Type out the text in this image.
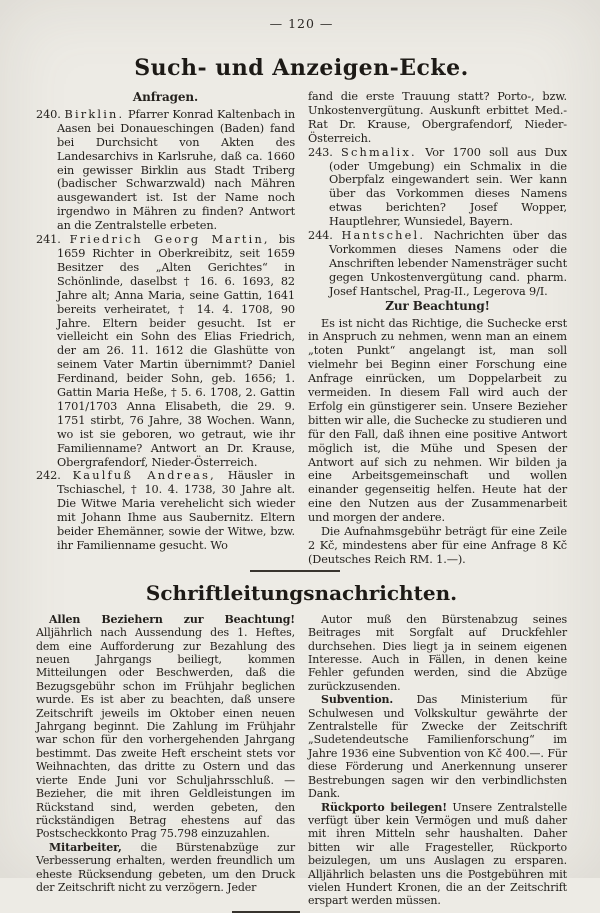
— 120 —
Such- und Anzeigen-Ecke.

Anfragen.

240. Birklin. Pfarrer Konrad Kaltenbach in Aasen bei Donaueschingen (Baden) fand bei Durchsicht von Akten des Landesarchivs in Karlsruhe, daß ca. 1660 ein gewisser Birklin aus Stadt Triberg (badischer Schwarzwald) nach Mähren ausgewandert ist. Ist der Name noch irgendwo in Mähren zu finden? Antwort an die Zentralstelle erbeten.

241. Friedrich Georg Martin, bis 1659 Richter in Oberkreibitz, seit 1659 Besitzer des „Alten Gerichtes“ in Schönlinde, daselbst † 16. 6. 1693, 82 Jahre alt; Anna Maria, seine Gattin, 1641 bereits verheiratet, † 14. 4. 1708, 90 Jahre. Eltern beider gesucht. Ist er vielleicht ein Sohn des Elias Friedrich, der am 26. 11. 1612 die Glashütte von seinem Vater Martin übernimmt? Daniel Ferdinand, beider Sohn, geb. 1656; 1. Gattin Maria Heße, † 5. 6. 1708, 2. Gattin 1701/1703 Anna Elisabeth, die 29. 9. 1751 stirbt, 76 Jahre, 38 Wochen. Wann, wo ist sie geboren, wo getraut, wie ihr Familienname? Antwort an Dr. Krause, Obergrafendorf, Nieder-Österreich.

242. Kaulfuß Andreas, Häusler in Tschiaschel, † 10. 4. 1738, 30 Jahre alt. Die Witwe Maria verehelicht sich wieder mit Johann Ihme aus Saubernitz. Eltern beider Ehemänner, sowie der Witwe, bzw. ihr Familienname gesucht. Wo

fand die erste Trauung statt? Porto-, bzw. Unkostenvergütung. Auskunft erbittet Med.-Rat Dr. Krause, Obergrafendorf, Nieder-Österreich.

243. Schmalix. Vor 1700 soll aus Dux (oder Umgebung) ein Schmalix in die Oberpfalz eingewandert sein. Wer kann über das Vorkommen dieses Namens etwas berichten? Josef Wopper, Hauptlehrer, Wunsiedel, Bayern.

244. Hantschel. Nachrichten über das Vorkommen dieses Namens oder die Anschriften lebender Namensträger sucht gegen Unkostenvergütung cand. pharm. Josef Hantschel, Prag-II., Legerova 9/I.

Zur Beachtung!

Es ist nicht das Richtige, die Suchecke erst in Anspruch zu nehmen, wenn man an einem „toten Punkt“ angelangt ist, man soll vielmehr bei Beginn einer Forschung eine Anfrage einrücken, um Doppelarbeit zu vermeiden. In diesem Fall wird auch der Erfolg ein günstigerer sein. Unsere Bezieher bitten wir alle, die Suchecke zu studieren und für den Fall, daß ihnen eine positive Antwort möglich ist, die Mühe und Spesen der Antwort auf sich zu nehmen. Wir bilden ja eine Arbeitsgemeinschaft und wollen einander gegenseitig helfen. Heute hat der eine den Nutzen aus der Zusammenarbeit und morgen der andere.

Die Aufnahmsgebühr beträgt für eine Zeile 2 Kč, mindestens aber für eine Anfrage 8 Kč (Deutsches Reich RM. 1.—).

Schriftleitungsnachrichten.

Allen Beziehern zur Beachtung! Alljährlich nach Aussendung des 1. Heftes, dem eine Aufforderung zur Bezahlung des neuen Jahrgangs beiliegt, kommen Mitteilungen oder Beschwerden, daß die Bezugsgebühr schon im Frühjahr beglichen wurde. Es ist aber zu beachten, daß unsere Zeitschrift jeweils im Oktober einen neuen Jahrgang beginnt. Die Zahlung im Frühjahr war schon für den vorhergehenden Jahrgang bestimmt. Das zweite Heft erscheint stets vor Weihnachten, das dritte zu Ostern und das vierte Ende Juni vor Schuljahrsschluß. — Bezieher, die mit ihren Geldleistungen im Rückstand sind, werden gebeten, den rückständigen Betrag ehestens auf das Postscheckkonto Prag 75.798 einzuzahlen.

Mitarbeiter, die Bürstenabzüge zur Verbesserung erhalten, werden freundlich um eheste Rücksendung gebeten, um den Druck der Zeitschrift nicht zu verzögern. Jeder

Autor muß den Bürstenabzug seines Beitrages mit Sorgfalt auf Druckfehler durchsehen. Dies liegt ja in seinem eigenen Interesse. Auch in Fällen, in denen keine Fehler gefunden werden, sind die Abzüge zurückzusenden.

Subvention. Das Ministerium für Schulwesen und Volkskultur gewährte der Zentralstelle für Zwecke der Zeitschrift „Sudetendeutsche Familienforschung“ im Jahre 1936 eine Subvention von Kč 400.—. Für diese Förderung und Anerkennung unserer Bestrebungen sagen wir den verbindlichsten Dank.

Rückporto beilegen! Unsere Zentralstelle verfügt über kein Vermögen und muß daher mit ihren Mitteln sehr haushalten. Daher bitten wir alle Fragesteller, Rückporto beizulegen, um uns Auslagen zu ersparen. Alljährlich belasten uns die Postgebühren mit vielen Hundert Kronen, die an der Zeitschrift erspart werden müssen.
